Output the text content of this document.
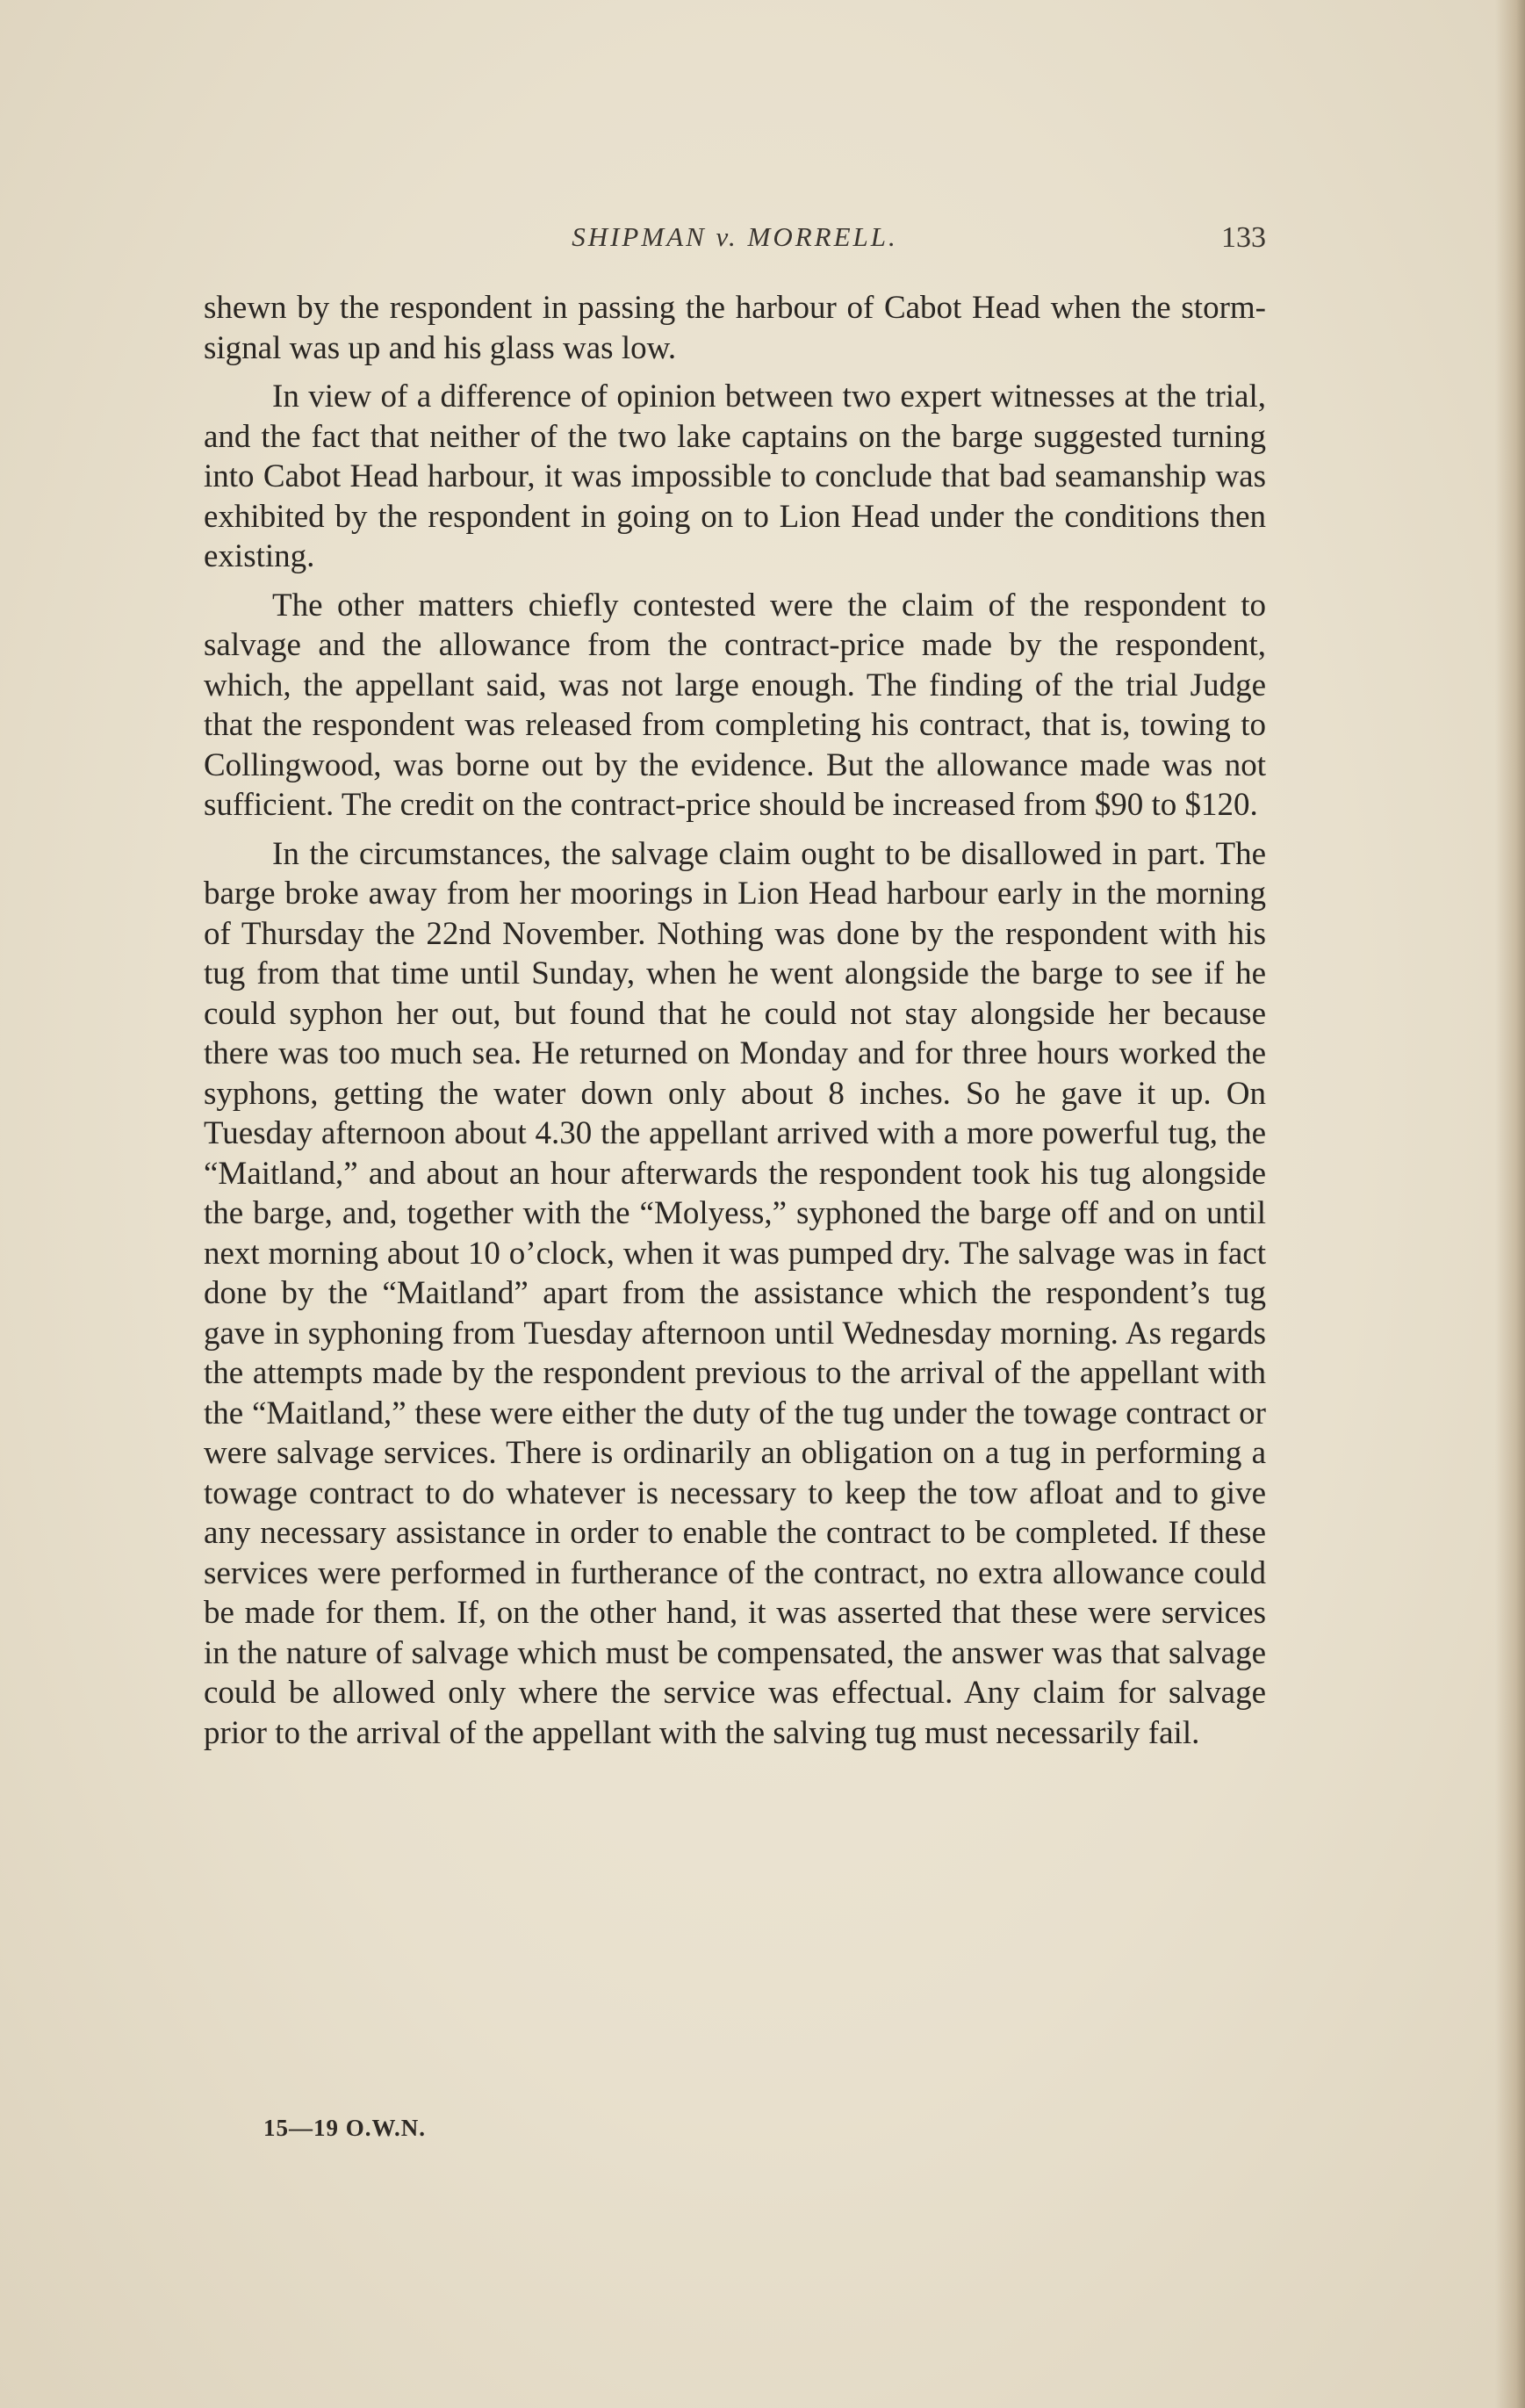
SHIPMAN v. MORRELL.	133

shewn by the respondent in passing the harbour of Cabot Head when the storm-signal was up and his glass was low.

In view of a difference of opinion between two expert witnesses at the trial, and the fact that neither of the two lake captains on the barge suggested turning into Cabot Head harbour, it was impossible to conclude that bad seamanship was exhibited by the respondent in going on to Lion Head under the conditions then existing.

The other matters chiefly contested were the claim of the respondent to salvage and the allowance from the contract-price made by the respondent, which, the appellant said, was not large enough. The finding of the trial Judge that the respondent was released from completing his contract, that is, towing to Collingwood, was borne out by the evidence. But the allowance made was not sufficient. The credit on the contract-price should be increased from $90 to $120.

In the circumstances, the salvage claim ought to be disallowed in part. The barge broke away from her moorings in Lion Head harbour early in the morning of Thursday the 22nd November. Nothing was done by the respondent with his tug from that time until Sunday, when he went alongside the barge to see if he could syphon her out, but found that he could not stay alongside her because there was too much sea. He returned on Monday and for three hours worked the syphons, getting the water down only about 8 inches. So he gave it up. On Tuesday afternoon about 4.30 the appellant arrived with a more powerful tug, the “Maitland,” and about an hour afterwards the respondent took his tug alongside the barge, and, together with the “Molyess,” syphoned the barge off and on until next morning about 10 o’clock, when it was pumped dry. The salvage was in fact done by the “Maitland” apart from the assistance which the respondent’s tug gave in syphoning from Tuesday afternoon until Wednesday morning. As regards the attempts made by the respondent previous to the arrival of the appellant with the “Maitland,” these were either the duty of the tug under the towage contract or were salvage services. There is ordinarily an obligation on a tug in performing a towage contract to do whatever is necessary to keep the tow afloat and to give any necessary assistance in order to enable the contract to be completed. If these services were performed in furtherance of the contract, no extra allowance could be made for them. If, on the other hand, it was asserted that these were services in the nature of salvage which must be compensated, the answer was that salvage could be allowed only where the service was effectual. Any claim for salvage prior to the arrival of the appellant with the salving tug must necessarily fail.

15—19 O.W.N.
